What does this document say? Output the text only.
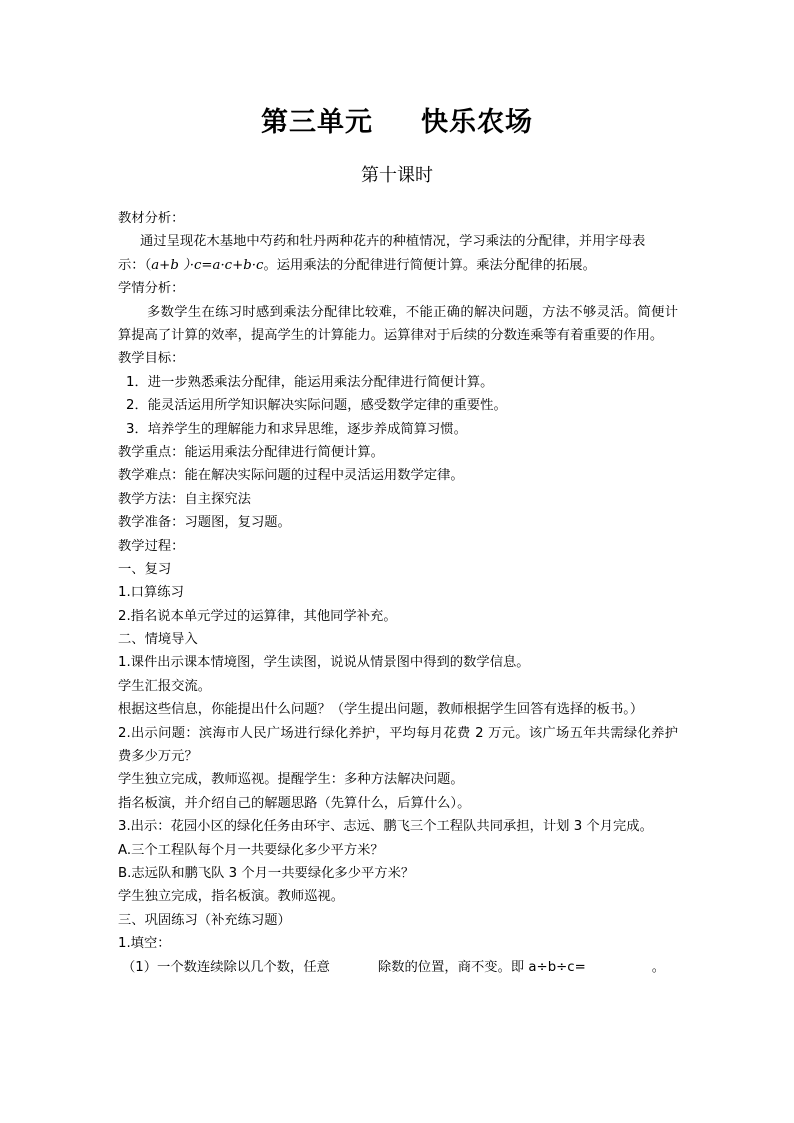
第三单元 快乐农场
第十课时
教材分析：
通过呈现花木基地中芍药和牡丹两种花卉的种植情况，学习乘法的分配律，并用字母表
示：（a+b ）·c=a·c+b·c。运用乘法的分配律进行简便计算。乘法分配律的拓展。
学情分析：
多数学生在练习时感到乘法分配律比较难，不能正确的解决问题，方法不够灵活。简便计算提高了计算的效率，提高学生的计算能力。运算律对于后续的分数连乘等有着重要的作用。
教学目标：
1．进一步熟悉乘法分配律，能运用乘法分配律进行简便计算。
2．能灵活运用所学知识解决实际问题，感受数学定律的重要性。
3．培养学生的理解能力和求异思维，逐步养成简算习惯。
教学重点：能运用乘法分配律进行简便计算。
教学难点：能在解决实际问题的过程中灵活运用数学定律。
教学方法：自主探究法
教学准备：习题图，复习题。
教学过程：
一、复习
1.口算练习
2.指名说本单元学过的运算律，其他同学补充。
二、情境导入
1.课件出示课本情境图，学生读图，说说从情景图中得到的数学信息。
学生汇报交流。
根据这些信息，你能提出什么问题？（学生提出问题，教师根据学生回答有选择的板书。）
2.出示问题：滨海市人民广场进行绿化养护，平均每月花费 2 万元。该广场五年共需绿化养护费多少万元？
学生独立完成，教师巡视。提醒学生：多种方法解决问题。
指名板演，并介绍自己的解题思路（先算什么，后算什么）。
3.出示：花园小区的绿化任务由环宇、志远、鹏飞三个工程队共同承担，计划 3 个月完成。
A.三个工程队每个月一共要绿化多少平方米？
B.志远队和鹏飞队 3 个月一共要绿化多少平方米？
学生独立完成，指名板演。教师巡视。
三、巩固练习（补充练习题）
1.填空：
（1）一个数连续除以几个数，任意	除数的位置，商不变。即 a÷b÷c=	。
